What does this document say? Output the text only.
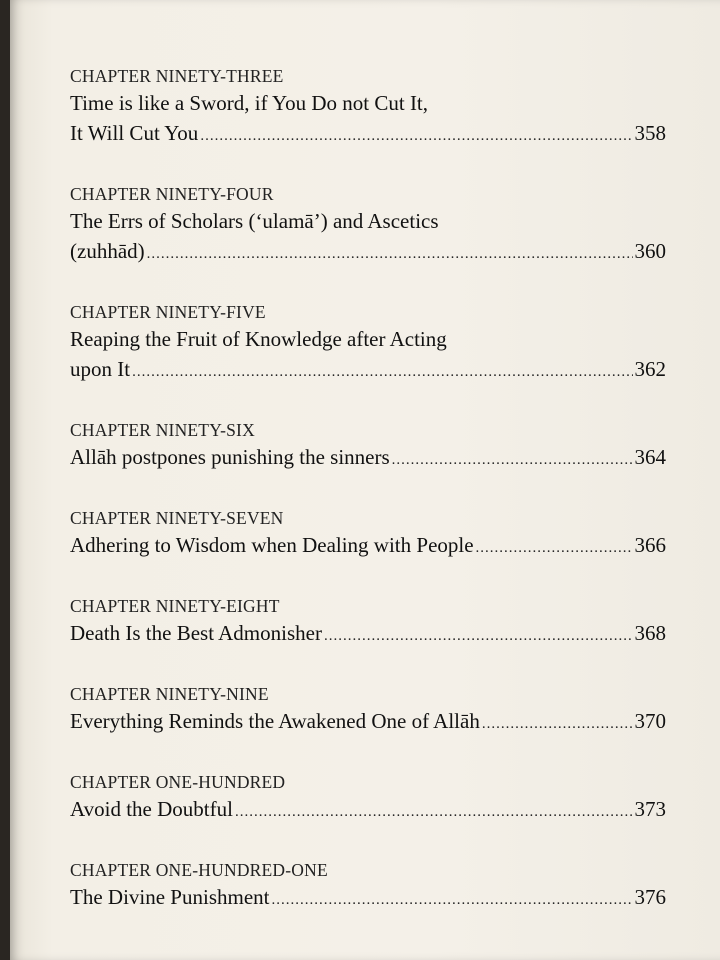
CHAPTER NINETY-THREE
Time is like a Sword, if You Do not Cut It,
It Will Cut You .....	358
CHAPTER NINETY-FOUR
The Errs of Scholars (‘ulamā’) and Ascetics
(zuhhād) .....	360
CHAPTER NINETY-FIVE
Reaping the Fruit of Knowledge after Acting
upon It .....	362
CHAPTER NINETY-SIX
Allāh postpones punishing the sinners .....	364
CHAPTER NINETY-SEVEN
Adhering to Wisdom when Dealing with People .....	366
CHAPTER NINETY-EIGHT
Death Is the Best Admonisher .....	368
CHAPTER NINETY-NINE
Everything Reminds the Awakened One of Allāh .....	370
CHAPTER ONE-HUNDRED
Avoid the Doubtful .....	373
CHAPTER ONE-HUNDRED-ONE
The Divine Punishment .....	376
